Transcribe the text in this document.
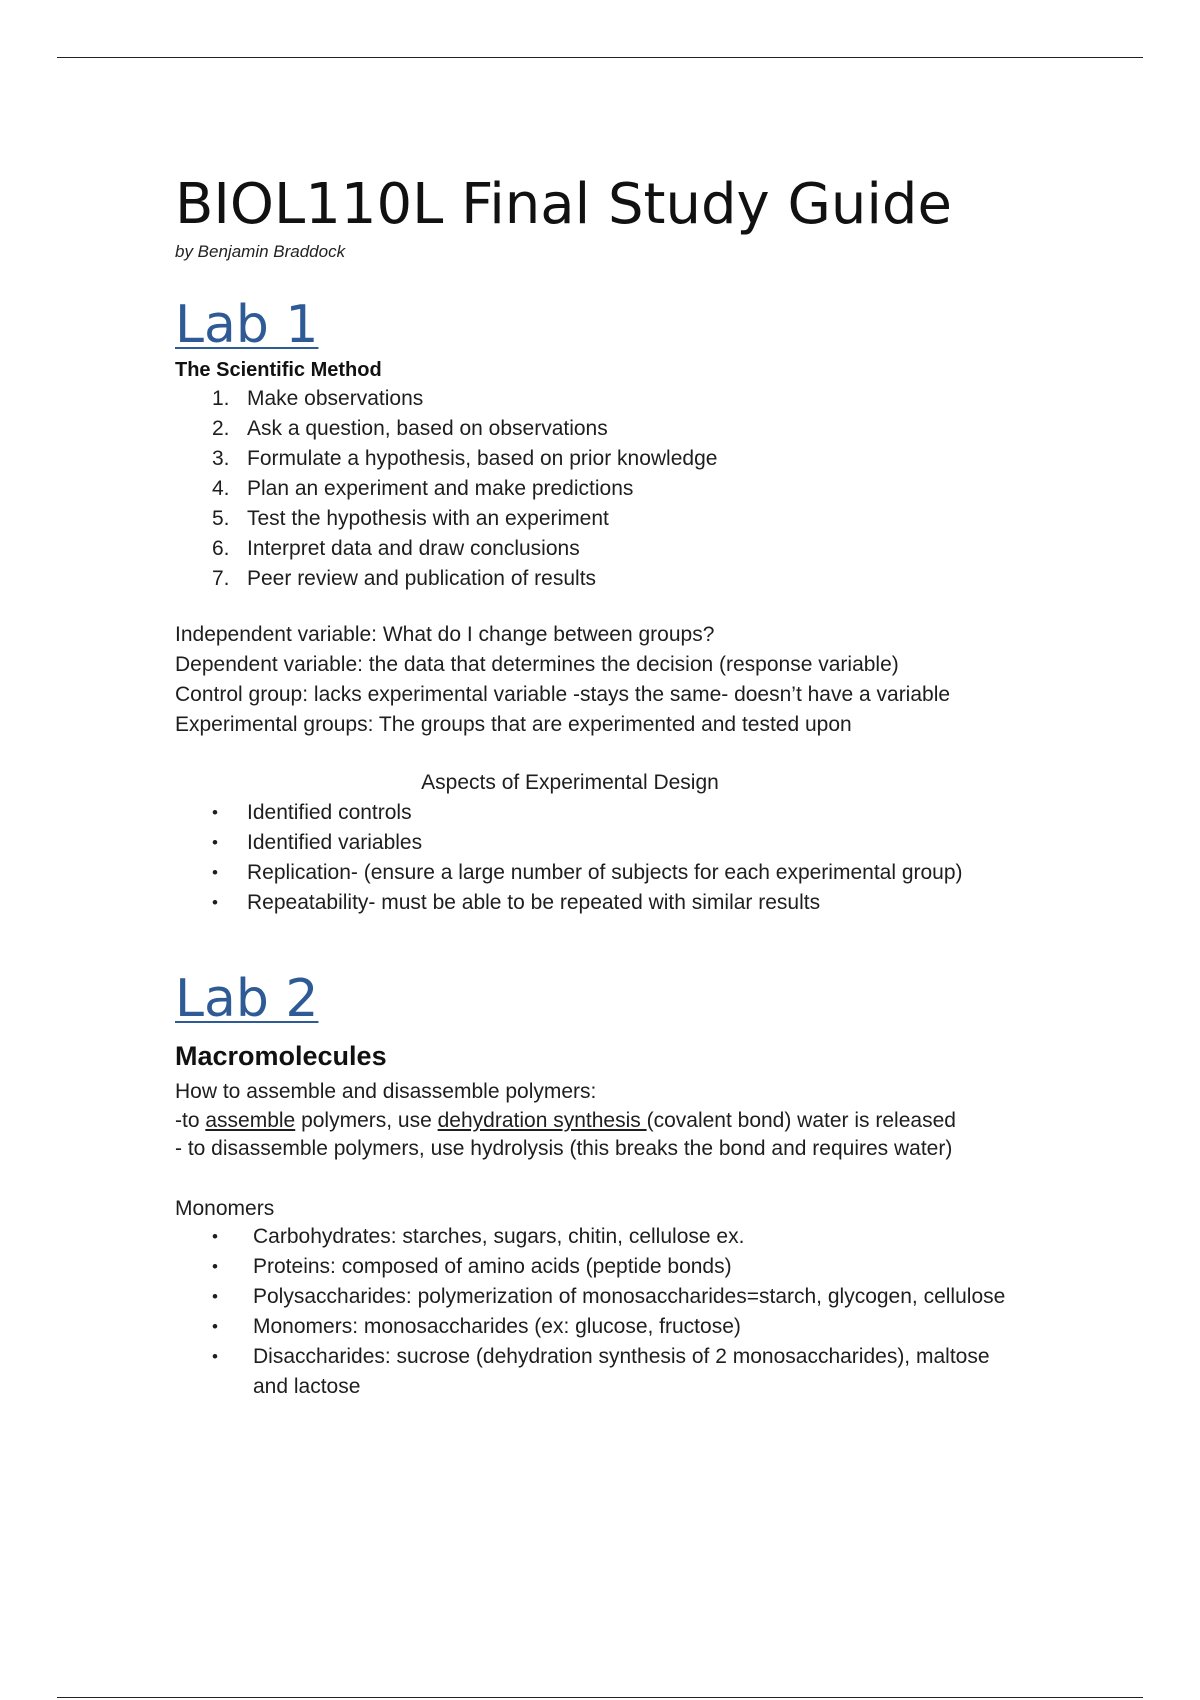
BIOL110L Final Study Guide
by Benjamin Braddock
Lab 1
The Scientific Method
1. Make observations
2. Ask a question, based on observations
3. Formulate a hypothesis, based on prior knowledge
4. Plan an experiment and make predictions
5. Test the hypothesis with an experiment
6. Interpret data and draw conclusions
7. Peer review and publication of results
Independent variable: What do I change between groups?
Dependent variable: the data that determines the decision (response variable)
Control group: lacks experimental variable -stays the same- doesn’t have a variable
Experimental groups: The groups that are experimented and tested upon
Aspects of Experimental Design
• Identified controls
• Identified variables
• Replication- (ensure a large number of subjects for each experimental group)
• Repeatability- must be able to be repeated with similar results
Lab 2
Macromolecules
How to assemble and disassemble polymers:
-to assemble polymers, use dehydration synthesis (covalent bond) water is released
- to disassemble polymers, use hydrolysis (this breaks the bond and requires water)
Monomers
• Carbohydrates: starches, sugars, chitin, cellulose ex.
• Proteins: composed of amino acids (peptide bonds)
• Polysaccharides: polymerization of monosaccharides=starch, glycogen, cellulose
• Monomers: monosaccharides (ex: glucose, fructose)
• Disaccharides: sucrose (dehydration synthesis of 2 monosaccharides), maltose
and lactose
